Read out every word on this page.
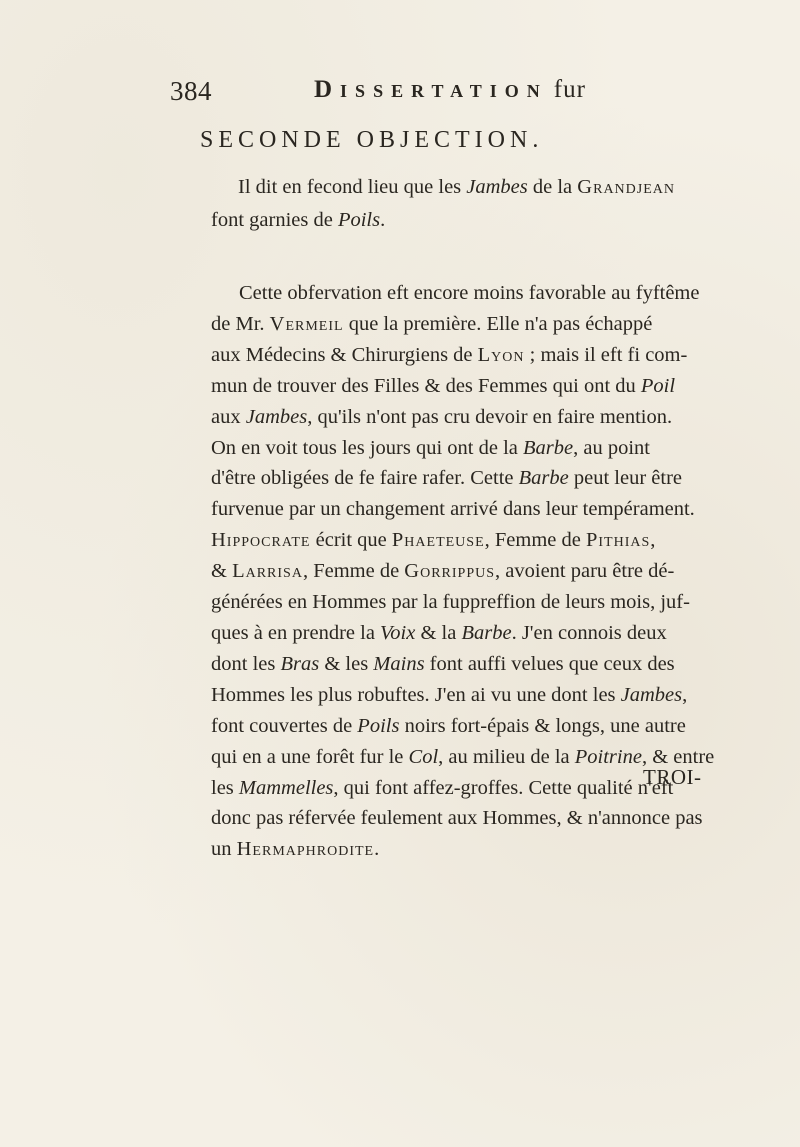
384	Dissertation fur
SECONDE OBJECTION.

Il dit en fecond lieu que les Jambes de la Grandjean

font garnies de Poils.

Cette obfervation eft encore moins favorable au fyftême
de Mr. Vermeil que la première. Elle n'a pas échappé
aux Médecins & Chirurgiens de Lyon ; mais il eft fi com-
mun de trouver des Filles & des Femmes qui ont du Poil
aux Jambes, qu'ils n'ont pas cru devoir en faire mention.
On en voit tous les jours qui ont de la Barbe, au point
d'être obligées de fe faire rafer. Cette Barbe peut leur être
furvenue par un changement arrivé dans leur tempérament.
Hippocrate écrit que Phaeteuse, Femme de Pithias,
& Larrisa, Femme de Gorrippus, avoient paru être dé-
générées en Hommes par la fuppreffion de leurs mois, juf-
ques à en prendre la Voix & la Barbe. J'en connois deux
dont les Bras & les Mains font auffi velues que ceux des
Hommes les plus robuftes. J'en ai vu une dont les Jambes,
font couvertes de Poils noirs fort-épais & longs, une autre
qui en a une forêt fur le Col, au milieu de la Poitrine, & entre
les Mammelles, qui font affez-groffes. Cette qualité n'eft
donc pas réfervée feulement aux Hommes, & n'annonce pas
un Hermaphrodite.

TROI-
